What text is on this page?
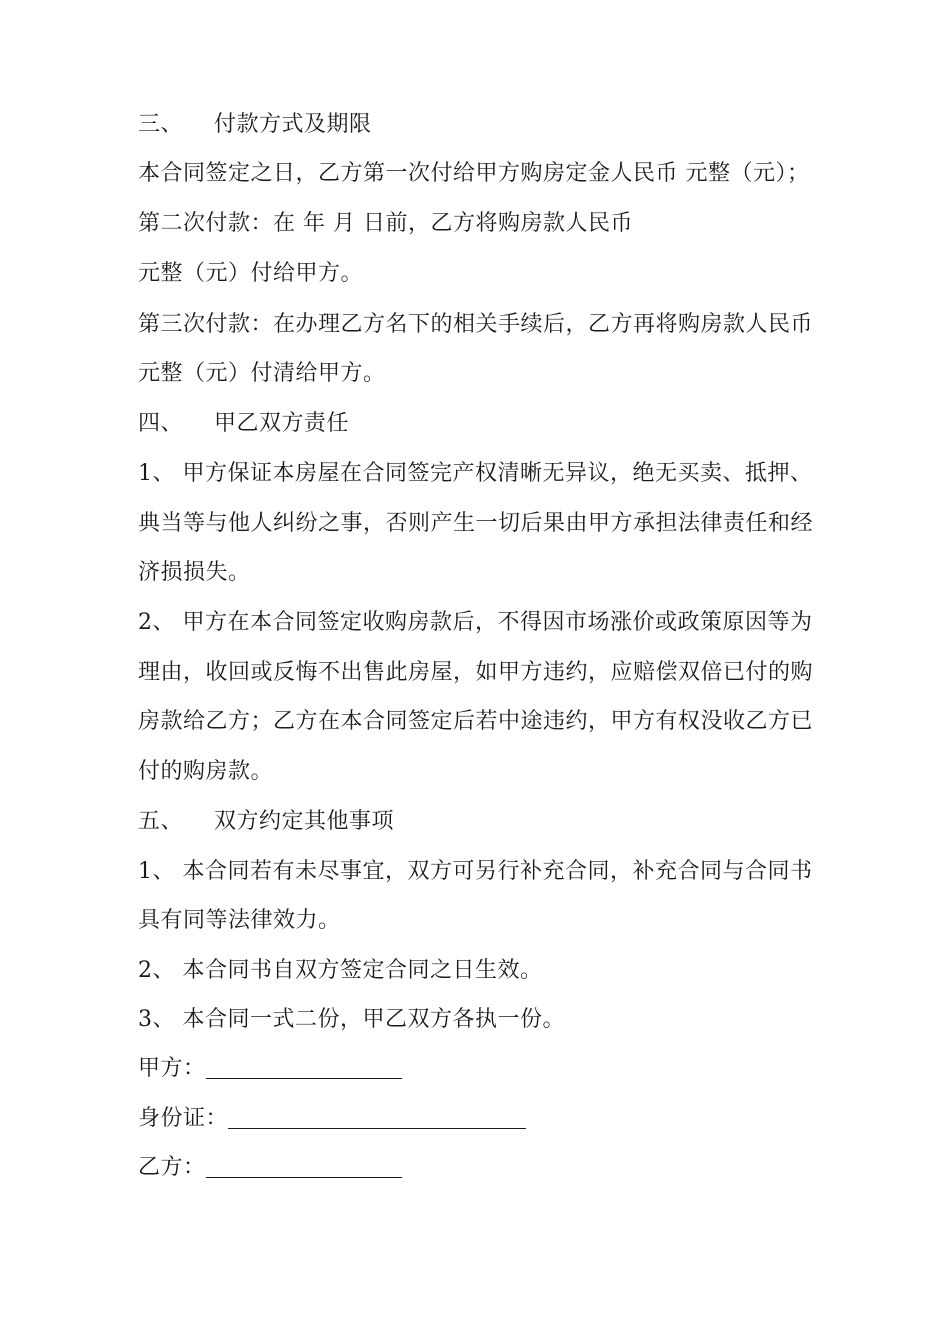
三、 付款方式及期限
本合同签定之日，乙方第一次付给甲方购房定金人民币 元整（元）；
第二次付款：在 年 月 日前，乙方将购房款人民币
元整（元）付给甲方。
第三次付款：在办理乙方名下的相关手续后，乙方再将购房款人民币
元整（元）付清给甲方。
四、 甲乙双方责任
1、 甲方保证本房屋在合同签完产权清晰无异议，绝无买卖、抵押、
典当等与他人纠纷之事，否则产生一切后果由甲方承担法律责任和经
济损损失。
2、 甲方在本合同签定收购房款后，不得因市场涨价或政策原因等为
理由，收回或反悔不出售此房屋，如甲方违约，应赔偿双倍已付的购
房款给乙方；乙方在本合同签定后若中途违约，甲方有权没收乙方已
付的购房款。
五、 双方约定其他事项
1、 本合同若有未尽事宜，双方可另行补充合同，补充合同与合同书
具有同等法律效力。
2、 本合同书自双方签定合同之日生效。
3、 本合同一式二份，甲乙双方各执一份。
甲方：
身份证：
乙方：
